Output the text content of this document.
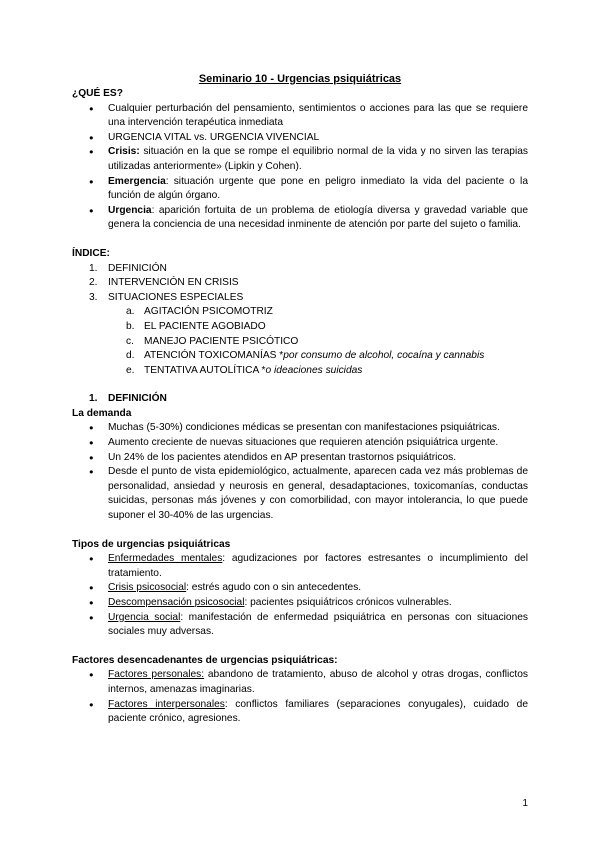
Seminario 10 - Urgencias psiquiátricas
¿QUÉ ES?
● Cualquier perturbación del pensamiento, sentimientos o acciones para las que se requiere una intervención terapéutica inmediata
● URGENCIA VITAL vs. URGENCIA VIVENCIAL
● Crisis: situación en la que se rompe el equilibrio normal de la vida y no sirven las terapias utilizadas anteriormente» (Lipkin y Cohen).
● Emergencia: situación urgente que pone en peligro inmediato la vida del paciente o la función de algún órgano.
● Urgencia: aparición fortuita de un problema de etiología diversa y gravedad variable que genera la conciencia de una necesidad inminente de atención por parte del sujeto o familia.
ÍNDICE:
1. DEFINICIÓN
2. INTERVENCIÓN EN CRISIS
3. SITUACIONES ESPECIALES
a. AGITACIÓN PSICOMOTRIZ
b. EL PACIENTE AGOBIADO
c. MANEJO PACIENTE PSICÓTICO
d. ATENCIÓN TOXICOMANÍAS *por consumo de alcohol, cocaína y cannabis
e. TENTATIVA AUTOLÍTICA *o ideaciones suicidas
1. DEFINICIÓN
La demanda
● Muchas (5-30%) condiciones médicas se presentan con manifestaciones psiquiátricas.
● Aumento creciente de nuevas situaciones que requieren atención psiquiátrica urgente.
● Un 24% de los pacientes atendidos en AP presentan trastornos psiquiátricos.
● Desde el punto de vista epidemiológico, actualmente, aparecen cada vez más problemas de personalidad, ansiedad y neurosis en general, desadaptaciones, toxicomanías, conductas suicidas, personas más jóvenes y con comorbilidad, con mayor intolerancia, lo que puede suponer el 30-40% de las urgencias.
Tipos de urgencias psiquiátricas
● Enfermedades mentales: agudizaciones por factores estresantes o incumplimiento del tratamiento.
● Crisis psicosocial: estrés agudo con o sin antecedentes.
● Descompensación psicosocial: pacientes psiquiátricos crónicos vulnerables.
● Urgencia social: manifestación de enfermedad psiquiátrica en personas con situaciones sociales muy adversas.
Factores desencadenantes de urgencias psiquiátricas:
● Factores personales: abandono de tratamiento, abuso de alcohol y otras drogas, conflictos internos, amenazas imaginarias.
● Factores interpersonales: conflictos familiares (separaciones conyugales), cuidado de paciente crónico, agresiones.
1
